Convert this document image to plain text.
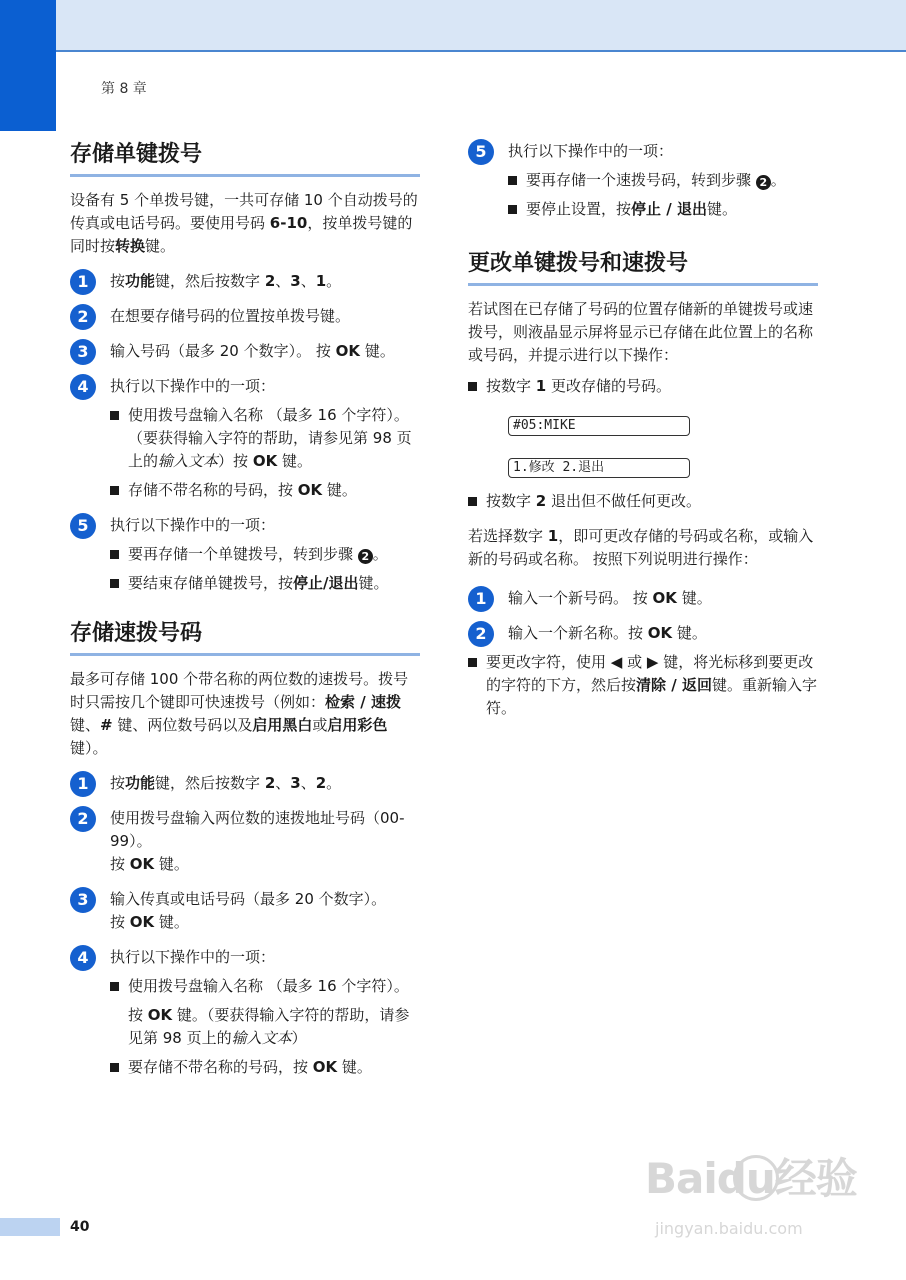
第 8 章
存储单键拨号

设备有 5 个单拨号键，一共可存储 10 个自动拨号的传真或电话号码。要使用号码 6-10，按单拨号键的同时按转换键。

1	按功能键，然后按数字 2、3、1。
2	在想要存储号码的位置按单拨号键。
3	输入号码（最多 20 个数字）。 按 OK 键。
4	执行以下操作中的一项：
使用拨号盘输入名称 （最多 16 个字符）。（要获得输入字符的帮助，请参见第 98 页上的输入文本）按 OK 键。
存储不带名称的号码，按 OK 键。
5	执行以下操作中的一项：
要再存储一个单键拨号，转到步骤 2 。
要结束存储单键拨号，按停止/退出键。
存储速拨号码

最多可存储 100 个带名称的两位数的速拨号。拨号时只需按几个键即可快速拨号（例如：检索 / 速拨键、# 键、两位数号码以及启用黑白或启用彩色键）。

1	按功能键，然后按数字 2、3、2。
2	使用拨号盘输入两位数的速拨地址号码（00-99）。
按 OK 键。
3	输入传真或电话号码（最多 20 个数字）。
按 OK 键。
4	执行以下操作中的一项：
使用拨号盘输入名称 （最多 16 个字符）。
按 OK 键。（要获得输入字符的帮助，请参见第 98 页上的输入文本）
要存储不带名称的号码，按 OK 键。
5	执行以下操作中的一项：
要再存储一个速拨号码，转到步骤 2 。
要停止设置，按停止 / 退出键。
更改单键拨号和速拨号

若试图在已存储了号码的位置存储新的单键拨号或速拨号，则液晶显示屏将显示已存储在此位置上的名称或号码，并提示进行以下操作：

按数字 1 更改存储的号码。
#05:MIKE
1.修改 2.退出
按数字 2 退出但不做任何更改。

若选择数字 1，即可更改存储的号码或名称，或输入新的号码或名称。 按照下列说明进行操作：

1	输入一个新号码。 按 OK 键。
2	输入一个新名称。按 OK 键。
要更改字符，使用 ◀ 或 ▶ 键，将光标移到要更改的字符的下方，然后按清除 / 返回键。重新输入字符。
40
Baidu经验
jingyan.baidu.com
